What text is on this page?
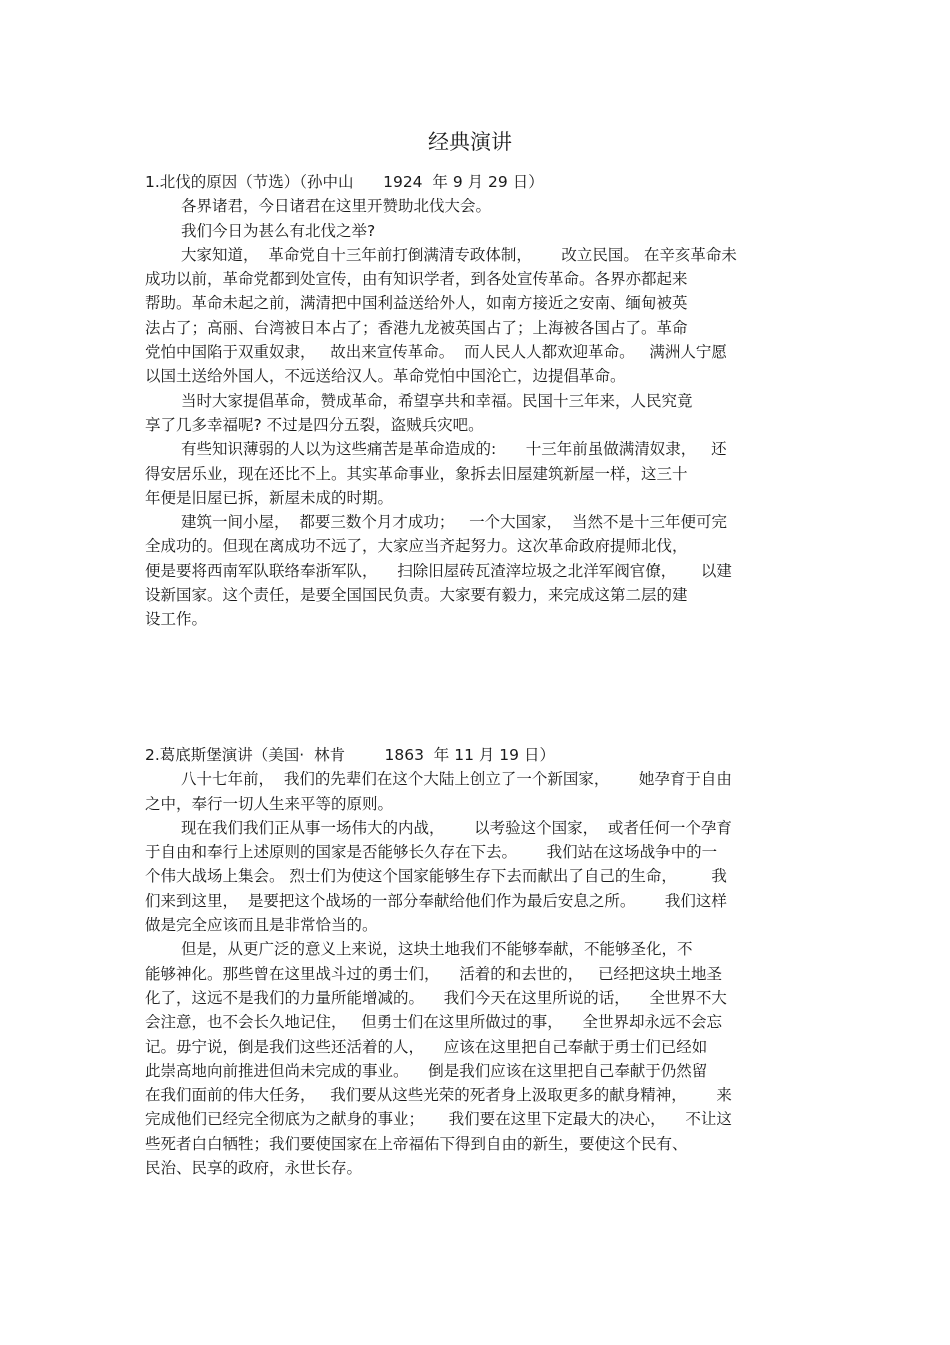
经典演讲

1.北伐的原因（节选）（孙中山      1924  年 9 月 29 日）

各界诸君，今日诸君在这里开赞助北伐大会。

我们今日为甚么有北伐之举?

大家知道，  革命党自十三年前打倒满清专政体制，      改立民国。 在辛亥革命未

成功以前，革命党都到处宣传，由有知识学者，到各处宣传革命。各界亦都起来

帮助。革命未起之前，满清把中国利益送给外人，如南方接近之安南、缅甸被英

法占了；高丽、台湾被日本占了；香港九龙被英国占了；上海被各国占了。革命

党怕中国陷于双重奴隶，   故出来宣传革命。  而人民人人都欢迎革命。   满洲人宁愿

以国土送给外国人，不远送给汉人。革命党怕中国沦亡，边提倡革命。

当时大家提倡革命，赞成革命，希望享共和幸福。民国十三年来，人民究竟

享了几多幸福呢? 不过是四分五裂，盗贼兵灾吧。

有些知识薄弱的人以为这些痛苦是革命造成的:      十三年前虽做满清奴隶，   还

得安居乐业，现在还比不上。其实革命事业，象拆去旧屋建筑新屋一样，这三十

年便是旧屋已拆，新屋未成的时期。

建筑一间小屋，  都要三数个月才成功；   一个大国家，  当然不是十三年便可完

全成功的。但现在离成功不远了，大家应当齐起努力。这次革命政府提师北伐，

便是要将西南军队联络奉浙军队，    扫除旧屋砖瓦渣滓垃圾之北洋军阀官僚，     以建

设新国家。这个责任，是要全国国民负责。大家要有毅力，来完成这第二层的建

设工作。

2.葛底斯堡演讲（美国·  林肯        1863  年 11 月 19 日）

八十七年前，  我们的先辈们在这个大陆上创立了一个新国家，      她孕育于自由

之中，奉行一切人生来平等的原则。

现在我们我们正从事一场伟大的内战，      以考验这个国家，  或者任何一个孕育

于自由和奉行上述原则的国家是否能够长久存在下去。      我们站在这场战争中的一

个伟大战场上集会。 烈士们为使这个国家能够生存下去而献出了自己的生命，       我

们来到这里，  是要把这个战场的一部分奉献给他们作为最后安息之所。      我们这样

做是完全应该而且是非常恰当的。

但是，从更广泛的意义上来说，这块土地我们不能够奉献，不能够圣化，不

能够神化。那些曾在这里战斗过的勇士们，    活着的和去世的，   已经把这块土地圣

化了，这远不是我们的力量所能增减的。    我们今天在这里所说的话，    全世界不大

会注意，也不会长久地记住，   但勇士们在这里所做过的事，    全世界却永远不会忘

记。毋宁说，倒是我们这些还活着的人，    应该在这里把自己奉献于勇士们已经如

此崇高地向前推进但尚未完成的事业。    倒是我们应该在这里把自己奉献于仍然留

在我们面前的伟大任务，   我们要从这些光荣的死者身上汲取更多的献身精神，      来

完成他们已经完全彻底为之献身的事业；     我们要在这里下定最大的决心，    不让这

些死者白白牺牲；我们要使国家在上帝福佑下得到自由的新生，要使这个民有、

民治、民享的政府，永世长存。
